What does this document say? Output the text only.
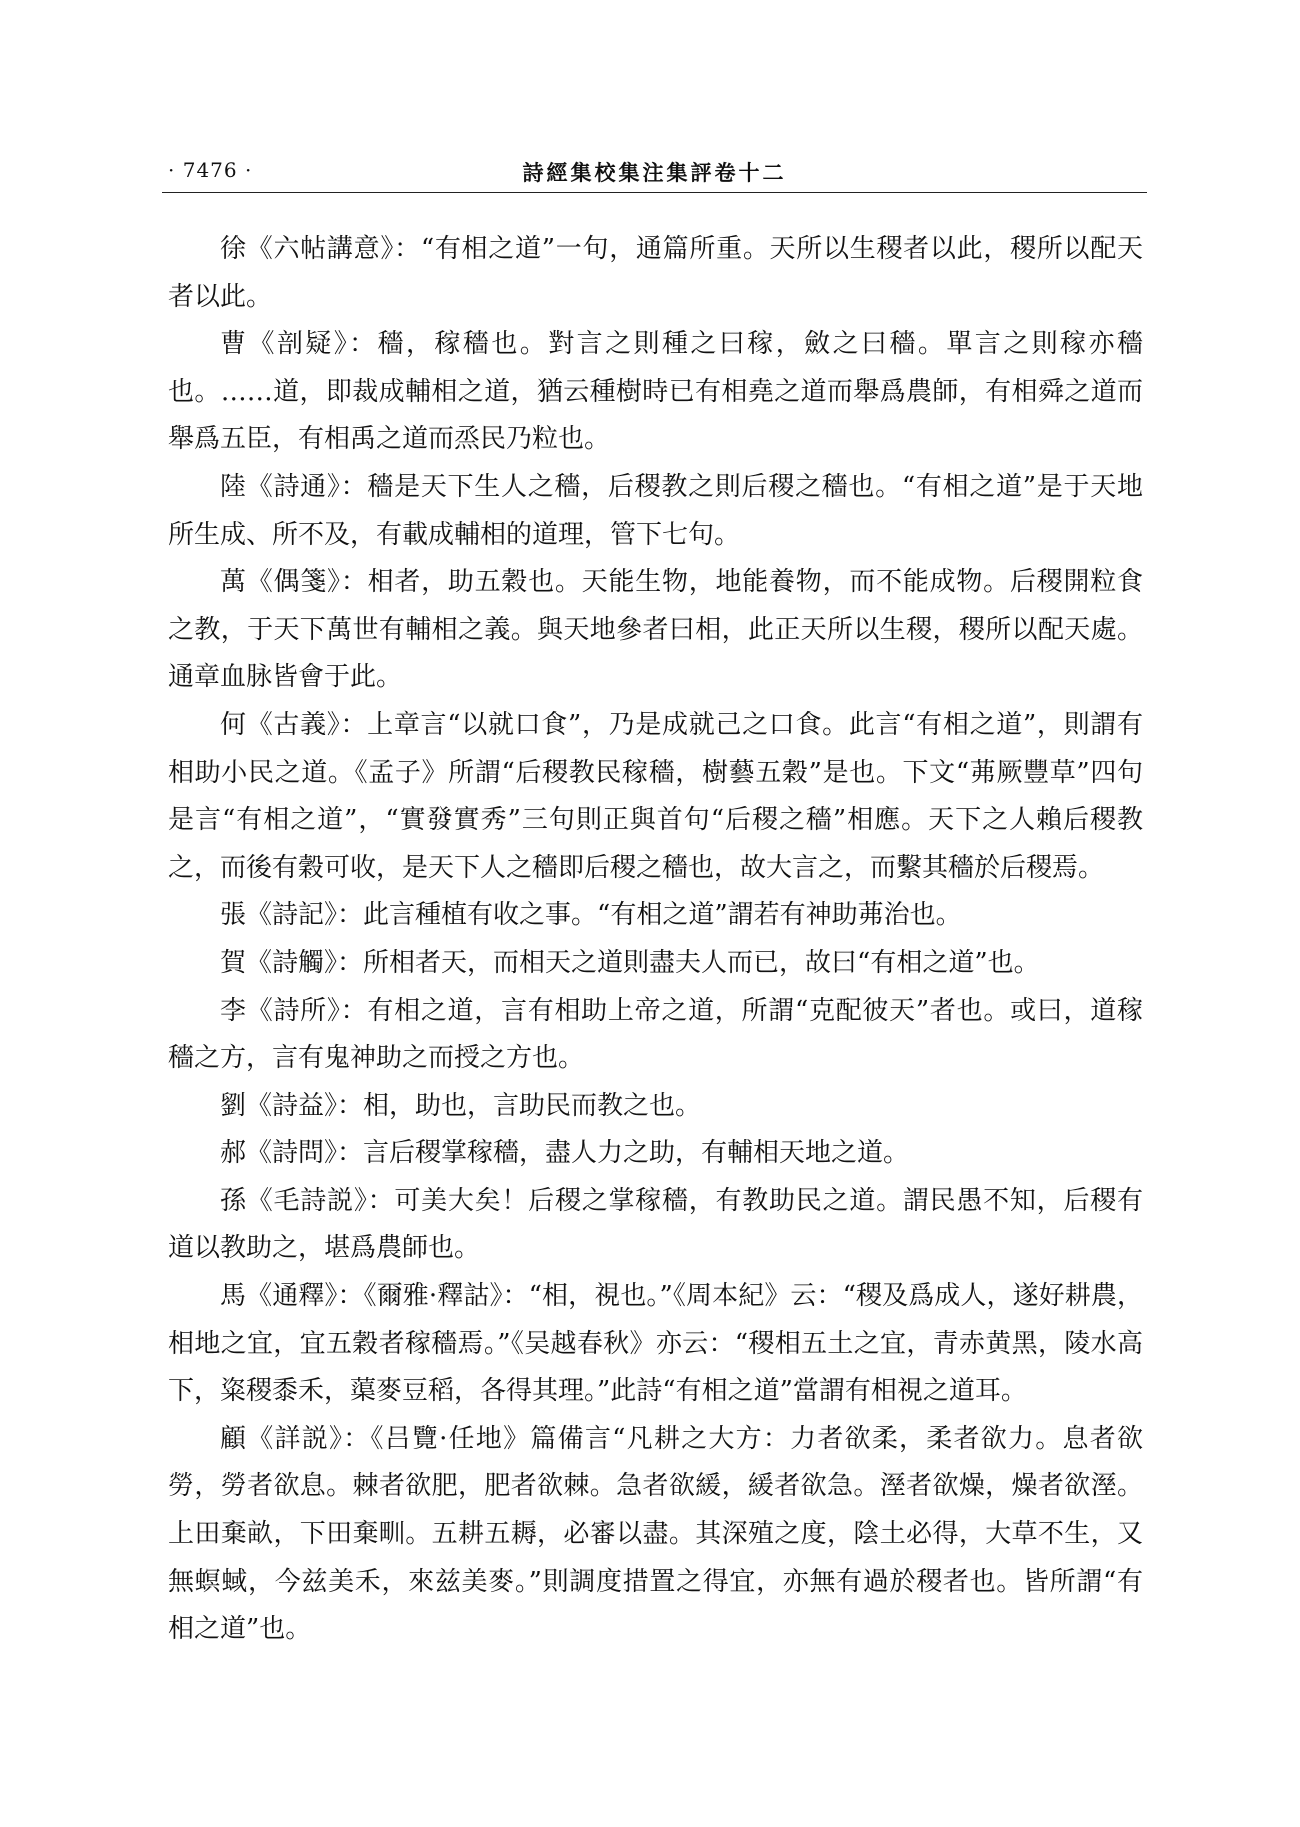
· 7476 ·	詩經集校集注集評卷十二

徐《六帖講意》：“有相之道”一句，通篇所重。天所以生稷者以此，稷所以配天者以此。

曹《剖疑》：穡，稼穡也。對言之則種之曰稼，斂之曰穡。單言之則稼亦穡也。……道，即裁成輔相之道，猶云種樹時已有相堯之道而舉爲農師，有相舜之道而舉爲五臣，有相禹之道而烝民乃粒也。

陸《詩通》：穡是天下生人之穡，后稷教之則后稷之穡也。“有相之道”是于天地所生成、所不及，有載成輔相的道理，管下七句。

萬《偶箋》：相者，助五穀也。天能生物，地能養物，而不能成物。后稷開粒食之教，于天下萬世有輔相之義。與天地參者曰相，此正天所以生稷，稷所以配天處。通章血脉皆會于此。

何《古義》：上章言“以就口食”，乃是成就己之口食。此言“有相之道”，則謂有相助小民之道。《孟子》所謂“后稷教民稼穡，樹藝五穀”是也。下文“茀厥豐草”四句是言“有相之道”，“實發實秀”三句則正與首句“后稷之穡”相應。天下之人賴后稷教之，而後有穀可收，是天下人之穡即后稷之穡也，故大言之，而繫其穡於后稷焉。

張《詩記》：此言種植有收之事。“有相之道”謂若有神助茀治也。

賀《詩觸》：所相者天，而相天之道則盡夫人而已，故曰“有相之道”也。

李《詩所》：有相之道，言有相助上帝之道，所謂“克配彼天”者也。或曰，道稼穡之方，言有鬼神助之而授之方也。

劉《詩益》：相，助也，言助民而教之也。

郝《詩問》：言后稷掌稼穡，盡人力之助，有輔相天地之道。

孫《毛詩説》：可美大矣！后稷之掌稼穡，有教助民之道。謂民愚不知，后稷有道以教助之，堪爲農師也。

馬《通釋》：《爾雅·釋詁》：“相，視也。”《周本紀》云：“稷及爲成人，遂好耕農，相地之宜，宜五穀者稼穡焉。”《吴越春秋》亦云：“稷相五土之宜，青赤黄黑，陵水高下，粢稷黍禾，蕖麥豆稻，各得其理。”此詩“有相之道”當謂有相視之道耳。

顧《詳説》：《吕覽·任地》篇備言“凡耕之大方：力者欲柔，柔者欲力。息者欲勞，勞者欲息。棘者欲肥，肥者欲棘。急者欲緩，緩者欲急。溼者欲燥，燥者欲溼。上田棄畝，下田棄甽。五耕五耨，必審以盡。其深殖之度，陰土必得，大草不生，又無螟蜮，今兹美禾，來兹美麥。”則調度措置之得宜，亦無有過於稷者也。皆所謂“有相之道”也。
